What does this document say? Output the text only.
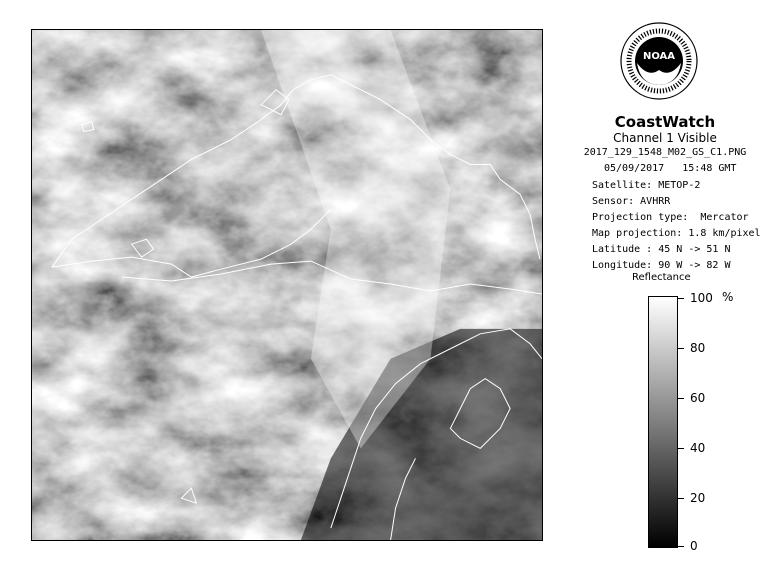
NOAA
CoastWatch
Channel 1 Visible
2017_129_1548_M02_GS_C1.PNG
05/09/2017   15:48 GMT
Satellite: METOP-2
Sensor: AVHRR
Projection type:  Mercator
Map projection: 1.8 km/pixel
Latitude : 45 N -> 51 N
Longitude: 90 W -> 82 W
Reflectance
%
100
80
60
40
20
0
